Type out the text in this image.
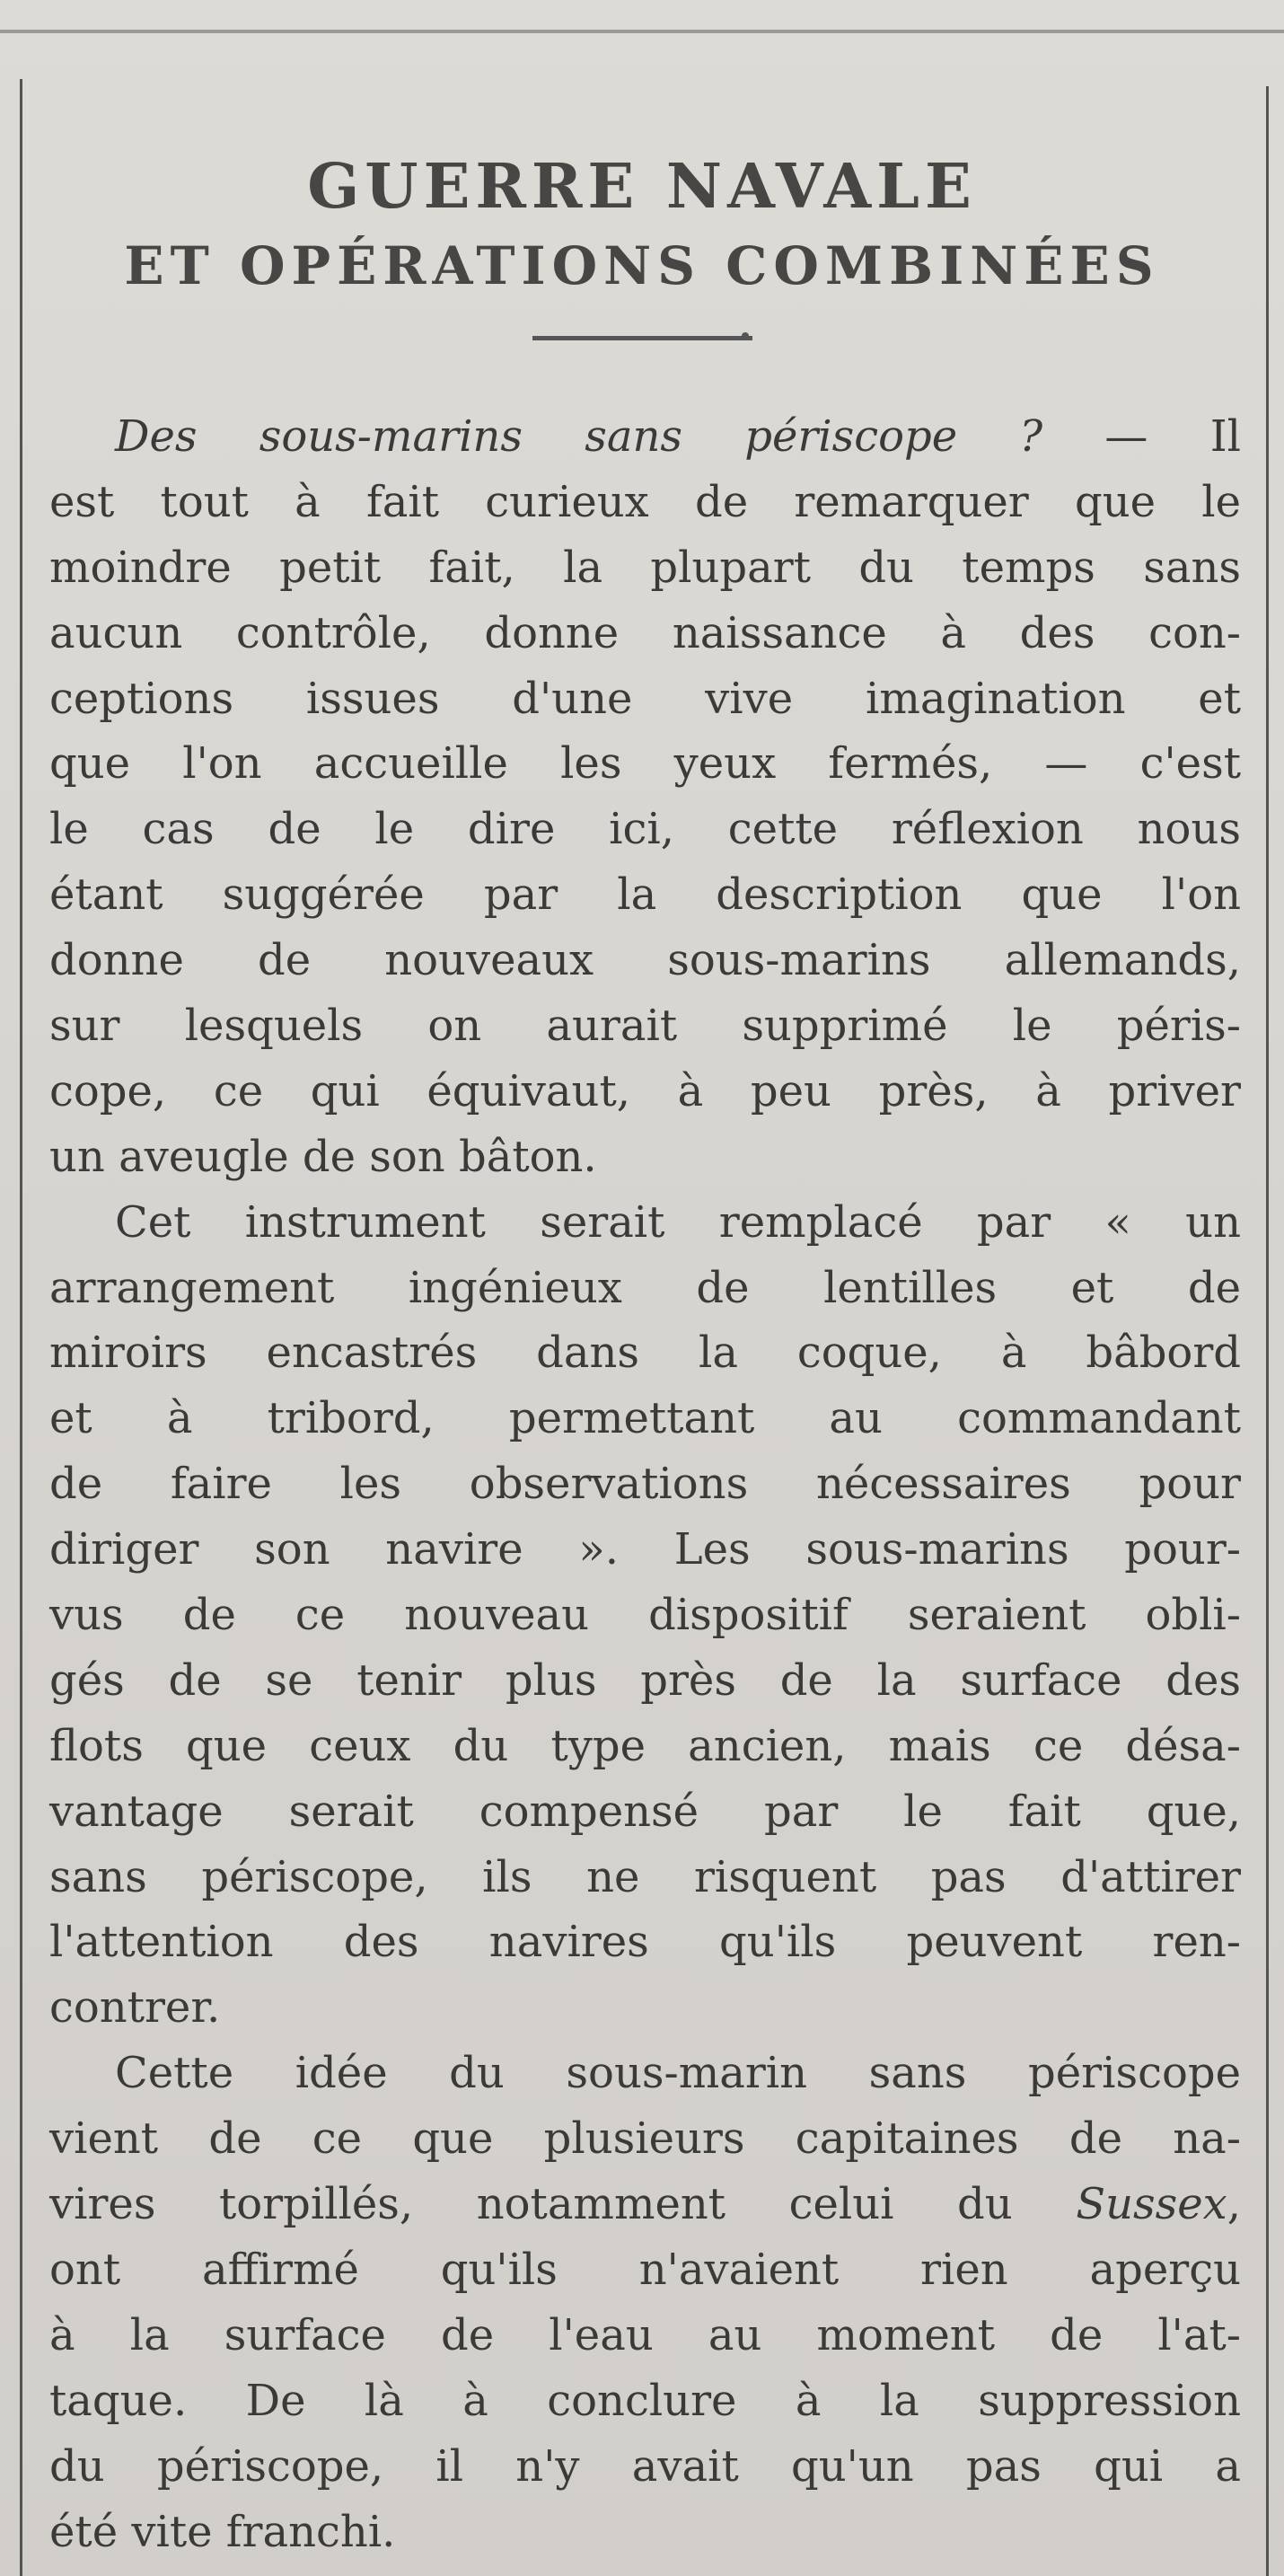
GUERRE NAVALE
ET OPÉRATIONS COMBINÉES
Des sous-marins sans périscope ? — Il
est tout à fait curieux de remarquer que le
moindre petit fait, la plupart du temps sans
aucun contrôle, donne naissance à des con-
ceptions issues d'une vive imagination et
que l'on accueille les yeux fermés, — c'est
le cas de le dire ici, cette réflexion nous
étant suggérée par la description que l'on
donne de nouveaux sous-marins allemands,
sur lesquels on aurait supprimé le péris-
cope, ce qui équivaut, à peu près, à priver
un aveugle de son bâton.
Cet instrument serait remplacé par « un
arrangement ingénieux de lentilles et de
miroirs encastrés dans la coque, à bâbord
et à tribord, permettant au commandant
de faire les observations nécessaires pour
diriger son navire ». Les sous-marins pour-
vus de ce nouveau dispositif seraient obli-
gés de se tenir plus près de la surface des
flots que ceux du type ancien, mais ce désa-
vantage serait compensé par le fait que,
sans périscope, ils ne risquent pas d'attirer
l'attention des navires qu'ils peuvent ren-
contrer.
Cette idée du sous-marin sans périscope
vient de ce que plusieurs capitaines de na-
vires torpillés, notamment celui du Sussex,
ont affirmé qu'ils n'avaient rien aperçu
à la surface de l'eau au moment de l'at-
taque. De là à conclure à la suppression
du périscope, il n'y avait qu'un pas qui a
été vite franchi.
